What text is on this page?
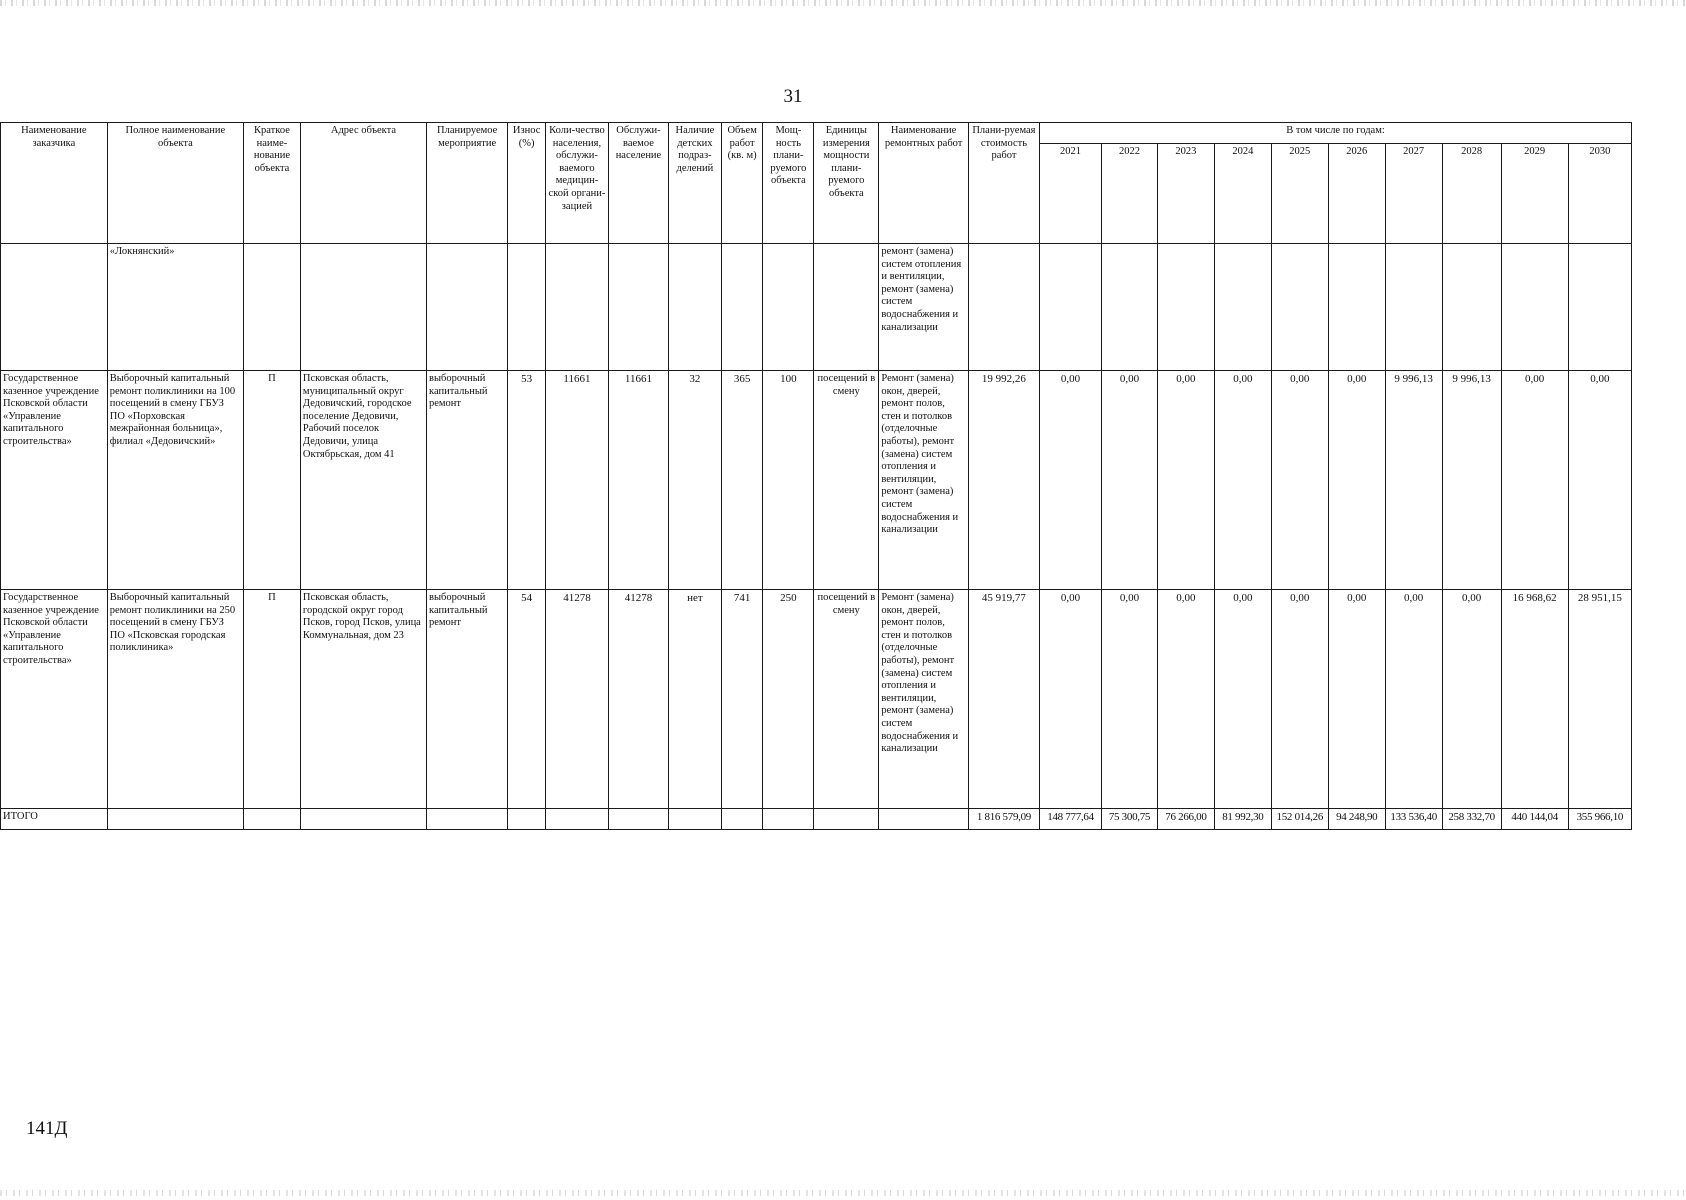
31
Наименование заказчика	Полное наименование объекта	Краткое наиме-нование объекта	Адрес объекта	Планируемое мероприятие	Износ (%)	Коли-чество населения, обслужи-ваемого медицин-ской органи-зацией	Обслужи-ваемое население	Наличие детских подраз-делений	Объем работ (кв. м)	Мощ-ность плани-руемого объекта	Единицы измерения мощности плани-руемого объекта	Наименование ремонтных работ	Плани-руемая стоимость работ	В том числе по годам:									
														2021	2022	2023	2024	2025	2026	2027	2028	2029	2030
	«Локнянский»											ремонт (замена) систем отопления и вентиляции, ремонт (замена) систем водоснабжения и канализации											
Государственное казенное учреждение Псковской области «Управление капитального строительства»	Выборочный капитальный ремонт поликлиники на 100 посещений в смену ГБУЗ ПО «Порховская межрайонная больница», филиал «Дедовичский»	П	Псковская область, муниципальный округ Дедовичский, городское поселение Дедовичи, Рабочий поселок Дедовичи, улица Октябрьская, дом 41	выборочный капитальный ремонт	53	11661	11661	32	365	100	посещений в смену	Ремонт (замена) окон, дверей, ремонт полов, стен и потолков (отделочные работы), ремонт (замена) систем отопления и вентиляции, ремонт (замена) систем водоснабжения и канализации	19 992,26	0,00	0,00	0,00	0,00	0,00	0,00	9 996,13	9 996,13	0,00	0,00
Государственное казенное учреждение Псковской области «Управление капитального строительства»	Выборочный капитальный ремонт поликлиники на 250 посещений в смену ГБУЗ ПО «Псковская городская поликлиника»	П	Псковская область, городской округ город Псков, город Псков, улица Коммунальная, дом 23	выборочный капитальный ремонт	54	41278	41278	нет	741	250	посещений в смену	Ремонт (замена) окон, дверей, ремонт полов, стен и потолков (отделочные работы), ремонт (замена) систем отопления и вентиляции, ремонт (замена) систем водоснабжения и канализации	45 919,77	0,00	0,00	0,00	0,00	0,00	0,00	0,00	0,00	16 968,62	28 951,15
ИТОГО													1 816 579,09	148 777,64	75 300,75	76 266,00	81 992,30	152 014,26	94 248,90	133 536,40	258 332,70	440 144,04	355 966,10
141Д
